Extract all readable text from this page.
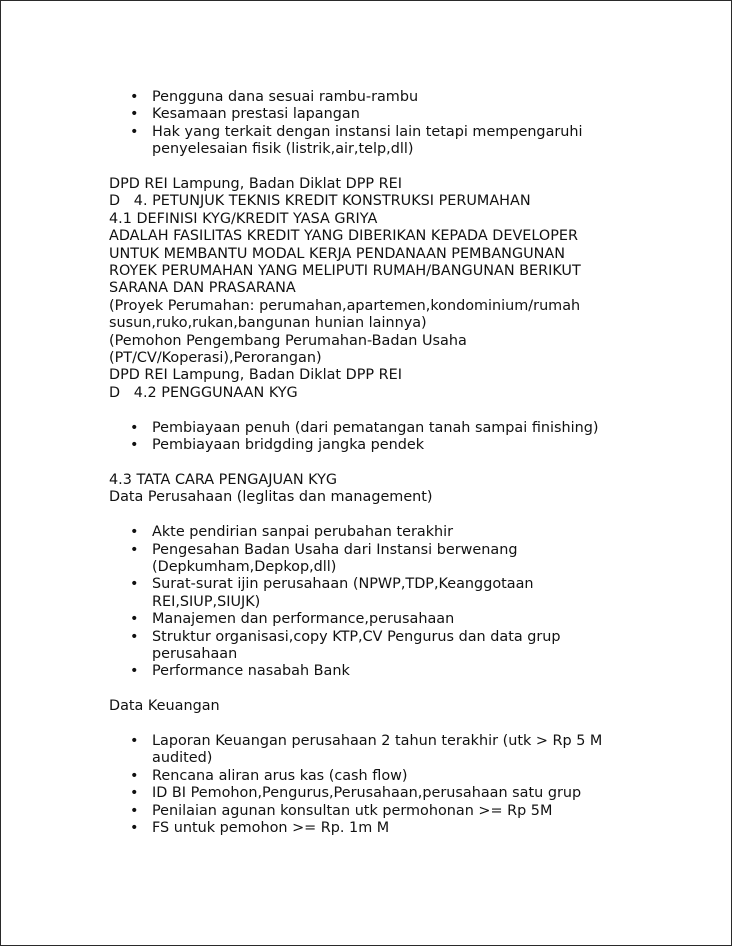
• Pengguna dana sesuai rambu-rambu
• Kesamaan prestasi lapangan
• Hak yang terkait dengan instansi lain tetapi mempengaruhi penyelesaian fisik (listrik,air,telp,dll)
DPD REI Lampung, Badan Diklat DPP REI
D   4. PETUNJUK TEKNIS KREDIT KONSTRUKSI PERUMAHAN
4.1 DEFINISI KYG/KREDIT YASA GRIYA
ADALAH FASILITAS KREDIT YANG DIBERIKAN KEPADA DEVELOPER UNTUK MEMBANTU MODAL KERJA PENDANAAN PEMBANGUNAN ROYEK PERUMAHAN YANG MELIPUTI RUMAH/BANGUNAN BERIKUT SARANA DAN PRASARANA
(Proyek Perumahan: perumahan,apartemen,kondominium/rumah susun,ruko,rukan,bangunan hunian lainnya)
(Pemohon Pengembang Perumahan-Badan Usaha (PT/CV/Koperasi),Perorangan)
DPD REI Lampung, Badan Diklat DPP REI
D   4.2 PENGGUNAAN KYG
• Pembiayaan penuh (dari pematangan tanah sampai finishing)
• Pembiayaan bridgding jangka pendek
4.3 TATA CARA PENGAJUAN KYG
Data Perusahaan (leglitas dan management)
• Akte pendirian sanpai perubahan terakhir
• Pengesahan Badan Usaha dari Instansi berwenang (Depkumham,Depkop,dll)
• Surat-surat ijin perusahaan (NPWP,TDP,Keanggotaan REI,SIUP,SIUJK)
• Manajemen dan performance,perusahaan
• Struktur organisasi,copy KTP,CV Pengurus dan data grup perusahaan
• Performance nasabah Bank
Data Keuangan
• Laporan Keuangan perusahaan 2 tahun terakhir (utk > Rp 5 M audited)
• Rencana aliran arus kas (cash flow)
• ID BI Pemohon,Pengurus,Perusahaan,perusahaan satu grup
• Penilaian agunan konsultan utk permohonan >= Rp 5M
• FS untuk pemohon >= Rp. 1m M
